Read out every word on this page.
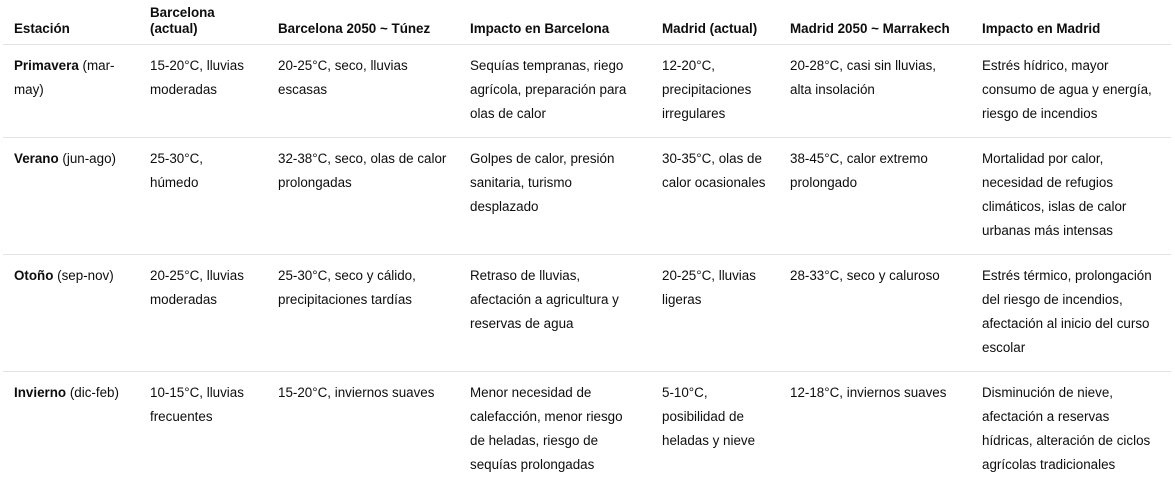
Estación	Barcelona (actual)	Barcelona 2050 ~ Túnez	Impacto en Barcelona	Madrid (actual)	Madrid 2050 ~ Marrakech	Impacto en Madrid
Primavera (mar-may)	15-20°C, lluvias moderadas	20-25°C, seco, lluvias escasas	Sequías tempranas, riego agrícola, preparación para olas de calor	12-20°C, precipitaciones irregulares	20-28°C, casi sin lluvias, alta insolación	Estrés hídrico, mayor consumo de agua y energía, riesgo de incendios
Verano (jun-ago)	25-30°C, húmedo	32-38°C, seco, olas de calor prolongadas	Golpes de calor, presión sanitaria, turismo desplazado	30-35°C, olas de calor ocasionales	38-45°C, calor extremo prolongado	Mortalidad por calor, necesidad de refugios climáticos, islas de calor urbanas más intensas
Otoño (sep-nov)	20-25°C, lluvias moderadas	25-30°C, seco y cálido, precipitaciones tardías	Retraso de lluvias, afectación a agricultura y reservas de agua	20-25°C, lluvias ligeras	28-33°C, seco y caluroso	Estrés térmico, prolongación del riesgo de incendios, afectación al inicio del curso escolar
Invierno (dic-feb)	10-15°C, lluvias frecuentes	15-20°C, inviernos suaves	Menor necesidad de calefacción, menor riesgo de heladas, riesgo de sequías prolongadas	5-10°C, posibilidad de heladas y nieve	12-18°C, inviernos suaves	Disminución de nieve, afectación a reservas hídricas, alteración de ciclos agrícolas tradicionales
